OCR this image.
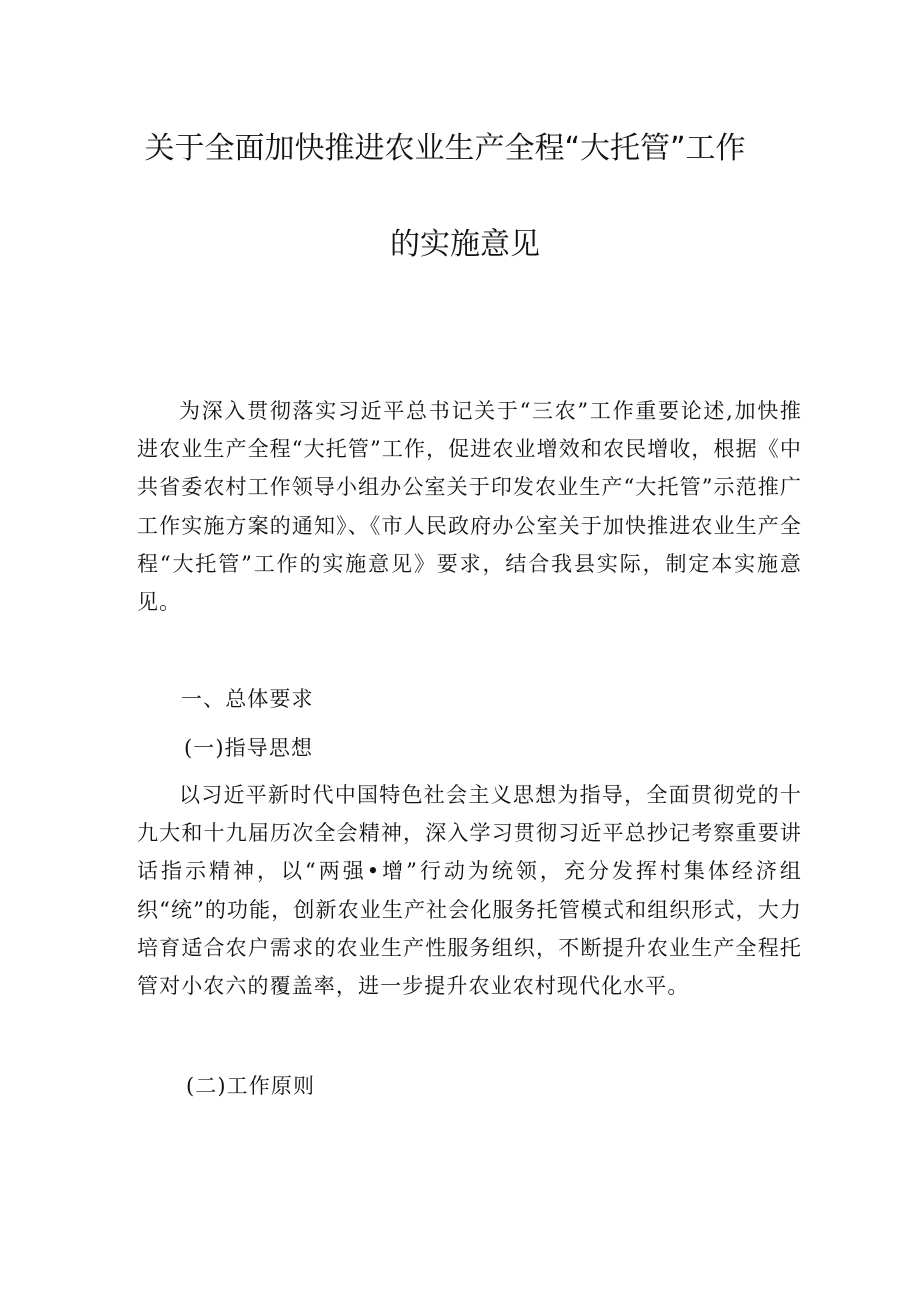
关于全面加快推进农业生产全程“大托管”工作
的实施意见

为深入贯彻落实习近平总书记关于“三农”工作重要论述,加快推进农业生产全程“大托管”工作，促进农业增效和农民增收，根据《中共省委农村工作领导小组办公室关于印发农业生产“大托管”示范推广工作实施方案的通知》、《市人民政府办公室关于加快推进农业生产全程“大托管”工作的实施意见》要求，结合我县实际，制定本实施意见。

一、总体要求
(一)指导思想

以习近平新时代中国特色社会主义思想为指导，全面贯彻党的十九大和十九届历次全会精神，深入学习贯彻习近平总抄记考察重要讲话指示精神，以“两强•增”行动为统领，充分发挥村集体经济组织“统”的功能，创新农业生产社会化服务托管模式和组织形式，大力培育适合农户需求的农业生产性服务组织，不断提升农业生产全程托管对小农六的覆盖率，进一步提升农业农村现代化水平。

(二)工作原则
